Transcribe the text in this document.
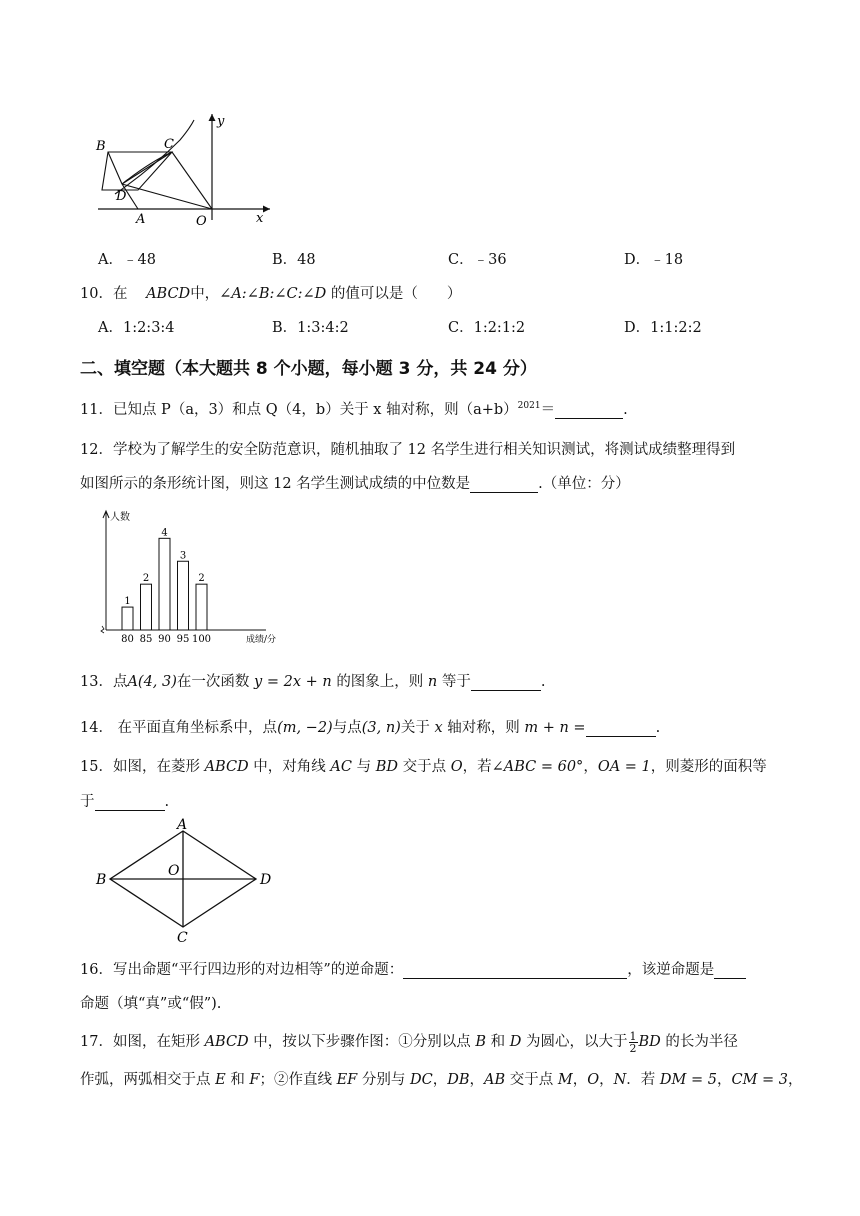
B	C
D
A	O	x
y
A．﹣48	B．48	C．﹣36	D．﹣18
10．在 ABCD中，∠A:∠B:∠C:∠D 的值可以是（　　）
A．1:2:3:4	B．1:3:4:2	C．1:2:1:2	D．1:1:2:2
二、填空题（本大题共 8 个小题，每小题 3 分，共 24 分）
11．已知点 P（a，3）和点 Q（4，b）关于 x 轴对称，则$(a+b)^{2021}=$	.
12．学校为了解学生的安全防范意识，随机抽取了 12 名学生进行相关知识测试，将测试成绩整理得到
如图所示的条形统计图，则这 12 名学生测试成绩的中位数是	.（单位：分）
人数
成绩/分
1
80
2
85
4
90
3
95
2
100
13．点A(4, 3)在一次函数 y = 2x + n 的图象上，则 n 等于	.
14． 在平面直角坐标系中，点(m, −2)与点(3, n)关于 x 轴对称，则 m + n =	.
15．如图，在菱形 ABCD 中，对角线 AC 与 BD 交于点 O，若∠ABC = 60°，OA = 1，则菱形的面积等
于	.
A
B
C
D
O
16．写出命题“平行四边形的对边相等”的逆命题：	，该逆命题是
命题（填“真”或“假”).
17．如图，在矩形 ABCD 中，按以下步骤作图：①分别以点 B 和 D 为圆心，以大于 $\frac{1}{2}$ BD 的长为半径
作弧，两弧相交于点 E 和 F；②作直线 EF 分别与 DC，DB，AB 交于点 M，O，N．若 DM = 5，CM = 3，
